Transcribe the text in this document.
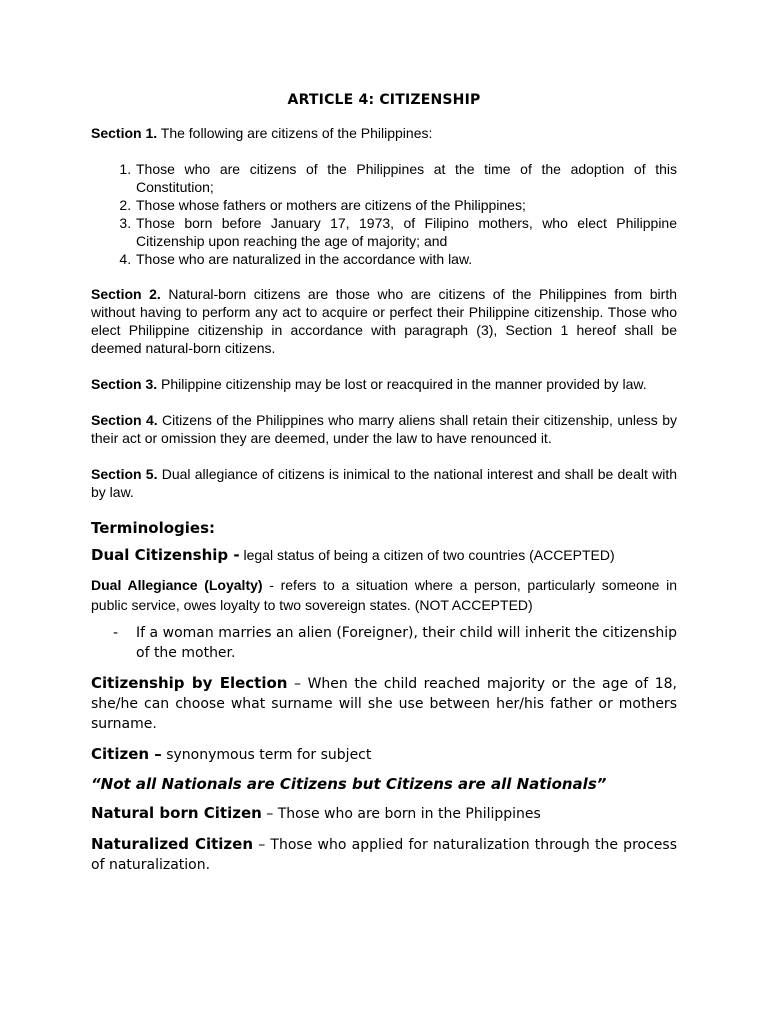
ARTICLE 4: CITIZENSHIP

Section 1. The following are citizens of the Philippines:

1. Those who are citizens of the Philippines at the time of the adoption of this Constitution;
2. Those whose fathers or mothers are citizens of the Philippines;
3. Those born before January 17, 1973, of Filipino mothers, who elect Philippine Citizenship upon reaching the age of majority; and
4. Those who are naturalized in the accordance with law.

Section 2. Natural-born citizens are those who are citizens of the Philippines from birth without having to perform any act to acquire or perfect their Philippine citizenship. Those who elect Philippine citizenship in accordance with paragraph (3), Section 1 hereof shall be deemed natural-born citizens.

Section 3. Philippine citizenship may be lost or reacquired in the manner provided by law.

Section 4. Citizens of the Philippines who marry aliens shall retain their citizenship, unless by their act or omission they are deemed, under the law to have renounced it.

Section 5. Dual allegiance of citizens is inimical to the national interest and shall be dealt with by law.

Terminologies:

Dual Citizenship - legal status of being a citizen of two countries (ACCEPTED)

Dual Allegiance (Loyalty) - refers to a situation where a person, particularly someone in public service, owes loyalty to two sovereign states. (NOT ACCEPTED)

- If a woman marries an alien (Foreigner), their child will inherit the citizenship of the mother.

Citizenship by Election – When the child reached majority or the age of 18, she/he can choose what surname will she use between her/his father or mothers surname.

Citizen – synonymous term for subject

“Not all Nationals are Citizens but Citizens are all Nationals”

Natural born Citizen – Those who are born in the Philippines

Naturalized Citizen – Those who applied for naturalization through the process of naturalization.
